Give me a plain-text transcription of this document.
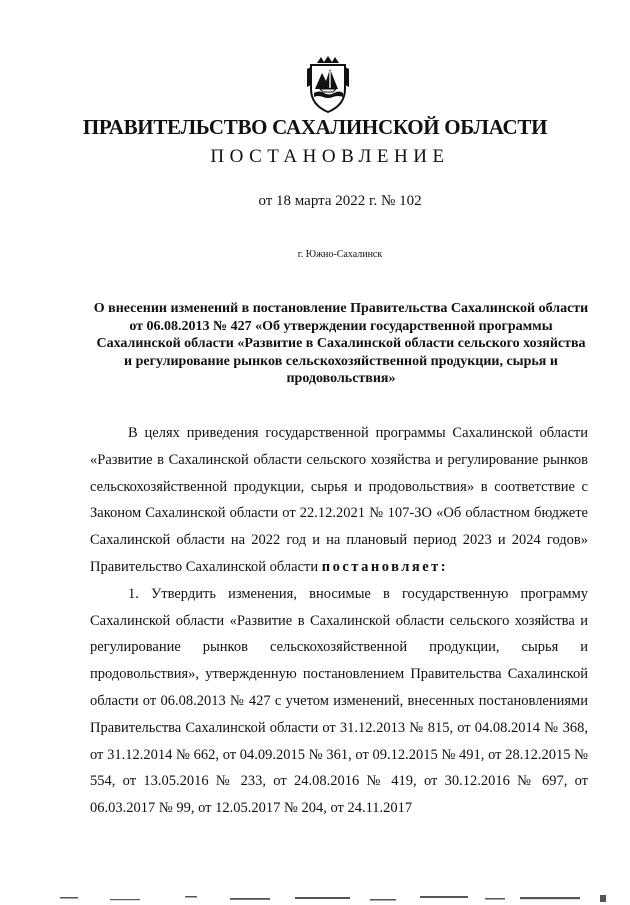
ПРАВИТЕЛЬСТВО САХАЛИНСКОЙ ОБЛАСТИ
ПОСТАНОВЛЕНИЕ
от 18 марта 2022 г. № 102
г. Южно-Сахалинск
О внесении изменений в постановление Правительства Сахалинской области от 06.08.2013 № 427 «Об утверждении государственной программы Сахалинской области «Развитие в Сахалинской области сельского хозяйства и регулирование рынков сельскохозяйственной продукции, сырья и продовольствия»

В целях приведения государственной программы Сахалинской области «Развитие в Сахалинской области сельского хозяйства и регулирование рынков сельскохозяйственной продукции, сырья и продовольствия» в соответствие с Законом Сахалинской области от 22.12.2021 № 107-ЗО «Об областном бюджете Сахалинской области на 2022 год и на плановый период 2023 и 2024 годов» Правительство Сахалинской области постановляет:

1. Утвердить изменения, вносимые в государственную программу Сахалинской области «Развитие в Сахалинской области сельского хозяйства и регулирование рынков сельскохозяйственной продукции, сырья и продовольствия», утвержденную постановлением Правительства Сахалинской области от 06.08.2013 № 427 с учетом изменений, внесенных постановлениями Правительства Сахалинской области от 31.12.2013 № 815, от 04.08.2014 № 368, от 31.12.2014 № 662, от 04.09.2015 № 361, от 09.12.2015 № 491, от 28.12.2015 № 554, от 13.05.2016 № 233, от 24.08.2016 № 419, от 30.12.2016 № 697, от 06.03.2017 № 99, от 12.05.2017 № 204, от 24.11.2017
